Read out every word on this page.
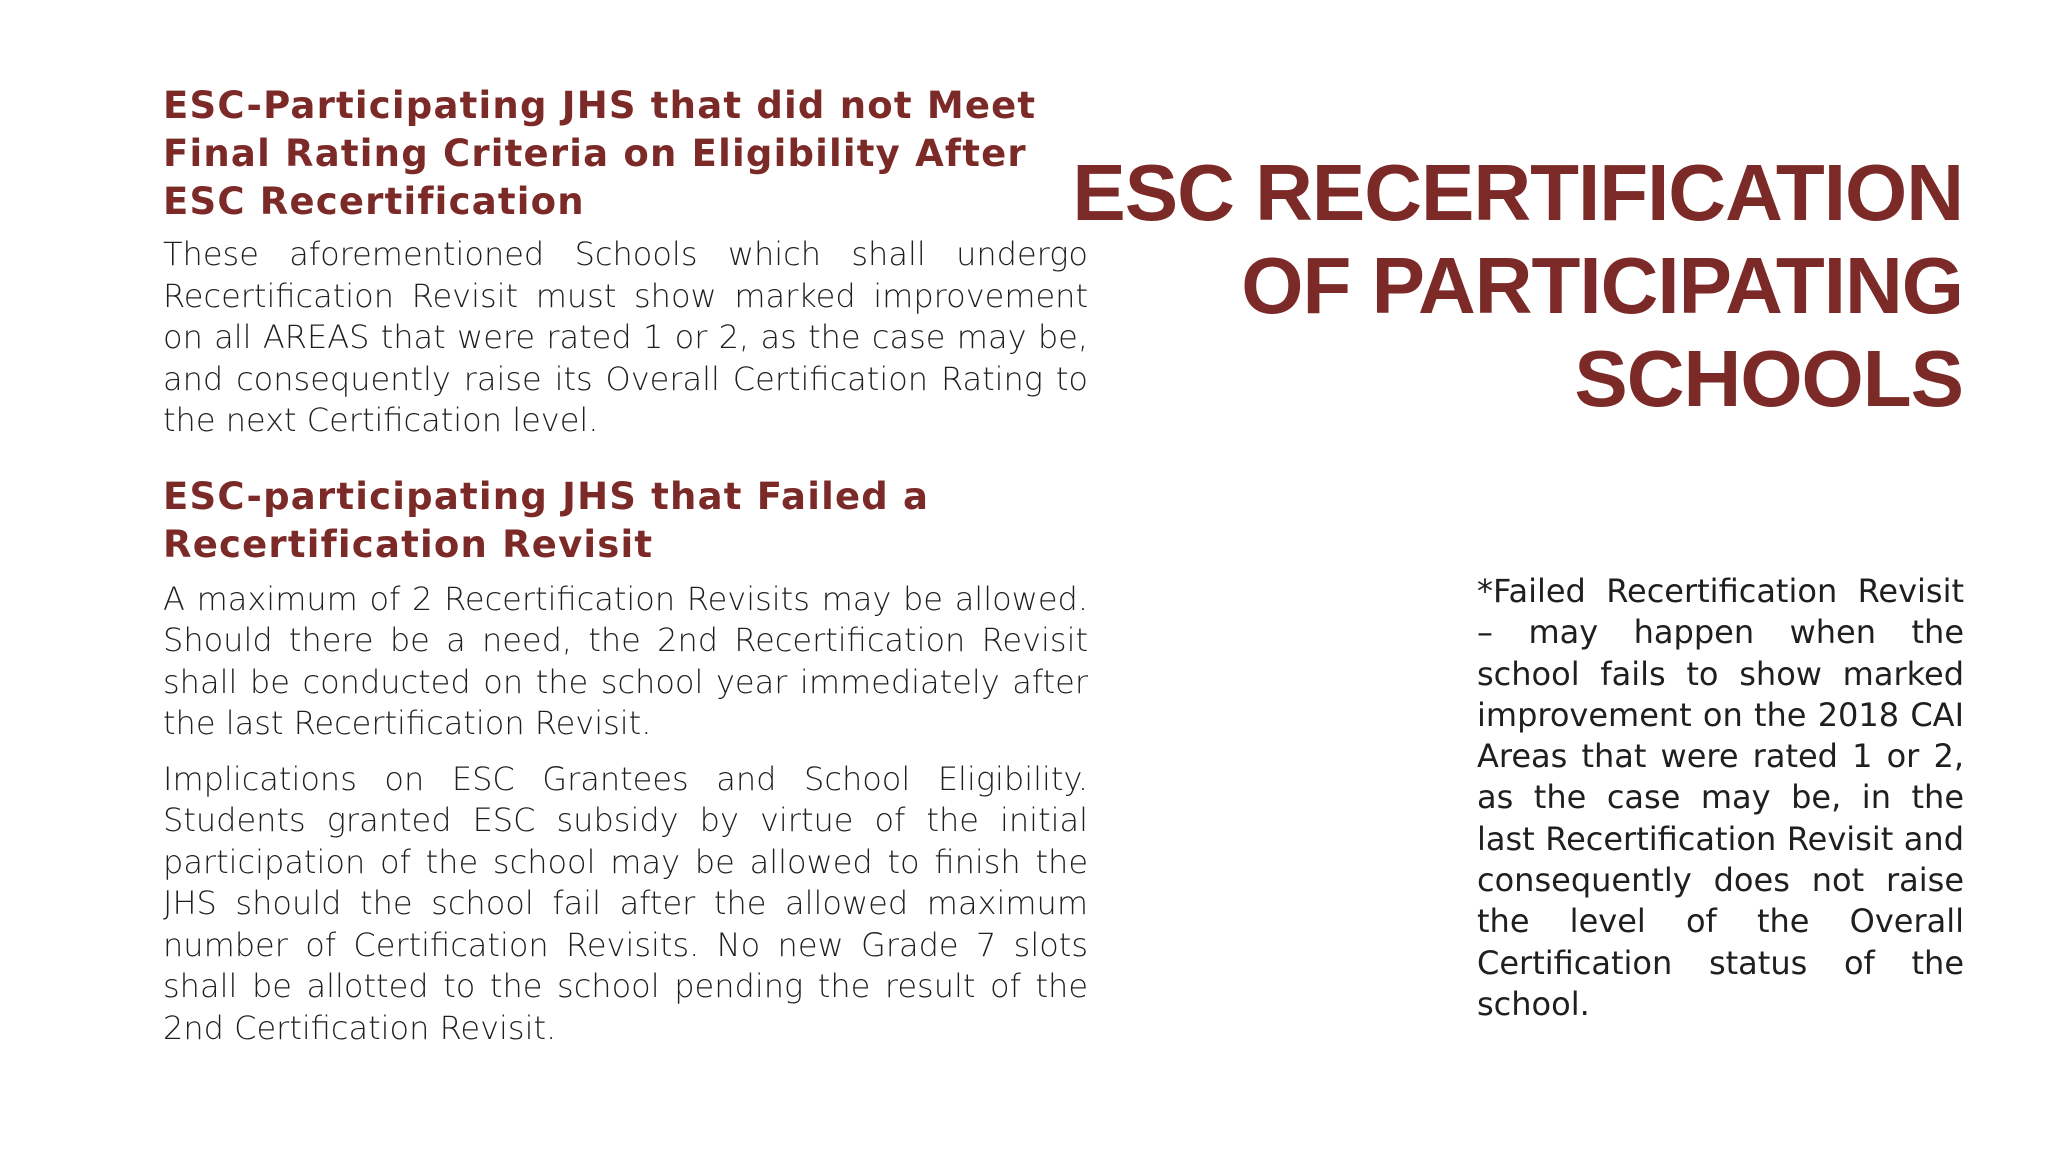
ESC-Participating JHS that did not Meet Final Rating Criteria on Eligibility After ESC Recertification

These aforementioned Schools which shall undergo Recertification Revisit must show marked improvement on all AREAS that were rated 1 or 2, as the case may be, and consequently raise its Overall Certification Rating to the next Certification level.

ESC-participating JHS that Failed a Recertification Revisit

A maximum of 2 Recertification Revisits may be allowed. Should there be a need, the 2nd Recertification Revisit shall be conducted on the school year immediately after the last Recertification Revisit.

Implications on ESC Grantees and School Eligibility. Students granted ESC subsidy by virtue of the initial participation of the school may be allowed to finish the JHS should the school fail after the allowed maximum number of Certification Revisits. No new Grade 7 slots shall be allotted to the school pending the result of the 2nd Certification Revisit.

ESC RECERTIFICATION
OF PARTICIPATING
SCHOOLS

*Failed Recertification Revisit – may happen when the school fails to show marked improvement on the 2018 CAI Areas that were rated 1 or 2, as the case may be, in the last Recertification Revisit and consequently does not raise the level of the Overall Certification status of the school.
